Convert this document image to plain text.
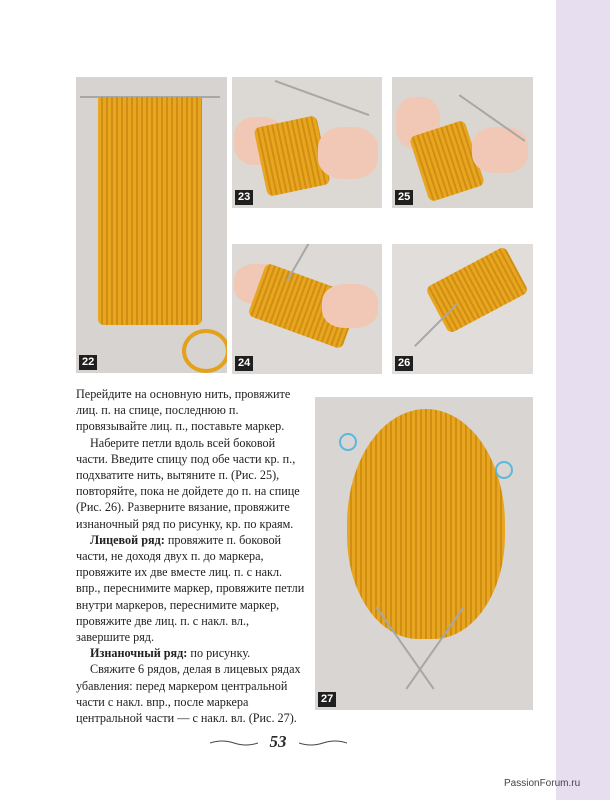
22
23	25
24	26
27

Перейдите на основную нить, провяжите лиц. п. на спице, последнюю п. провязывайте лиц. п., поставьте маркер.

Наберите петли вдоль всей боковой части. Введите спицу под обе части кр. п., подхватите нить, вытяните п. (Рис. 25), повторяйте, пока не дойдете до п. на спице (Рис. 26). Разверните вязание, провяжите изнаночный ряд по рисунку, кр. по краям.

Лицевой ряд: провяжите п. боковой части, не доходя двух п. до маркера, провяжите их две вместе лиц. п. с накл. впр., переснимите маркер, провяжите петли внутри маркеров, переснимите маркер, провяжите две лиц. п. с накл. вл., завершите ряд.

Изнаночный ряд: по рисунку.

Свяжите 6 рядов, делая в лицевых рядах убавления: перед маркером центральной части с накл. впр., после маркера центральной части — с накл. вл. (Рис. 27).

53
PassionForum.ru
